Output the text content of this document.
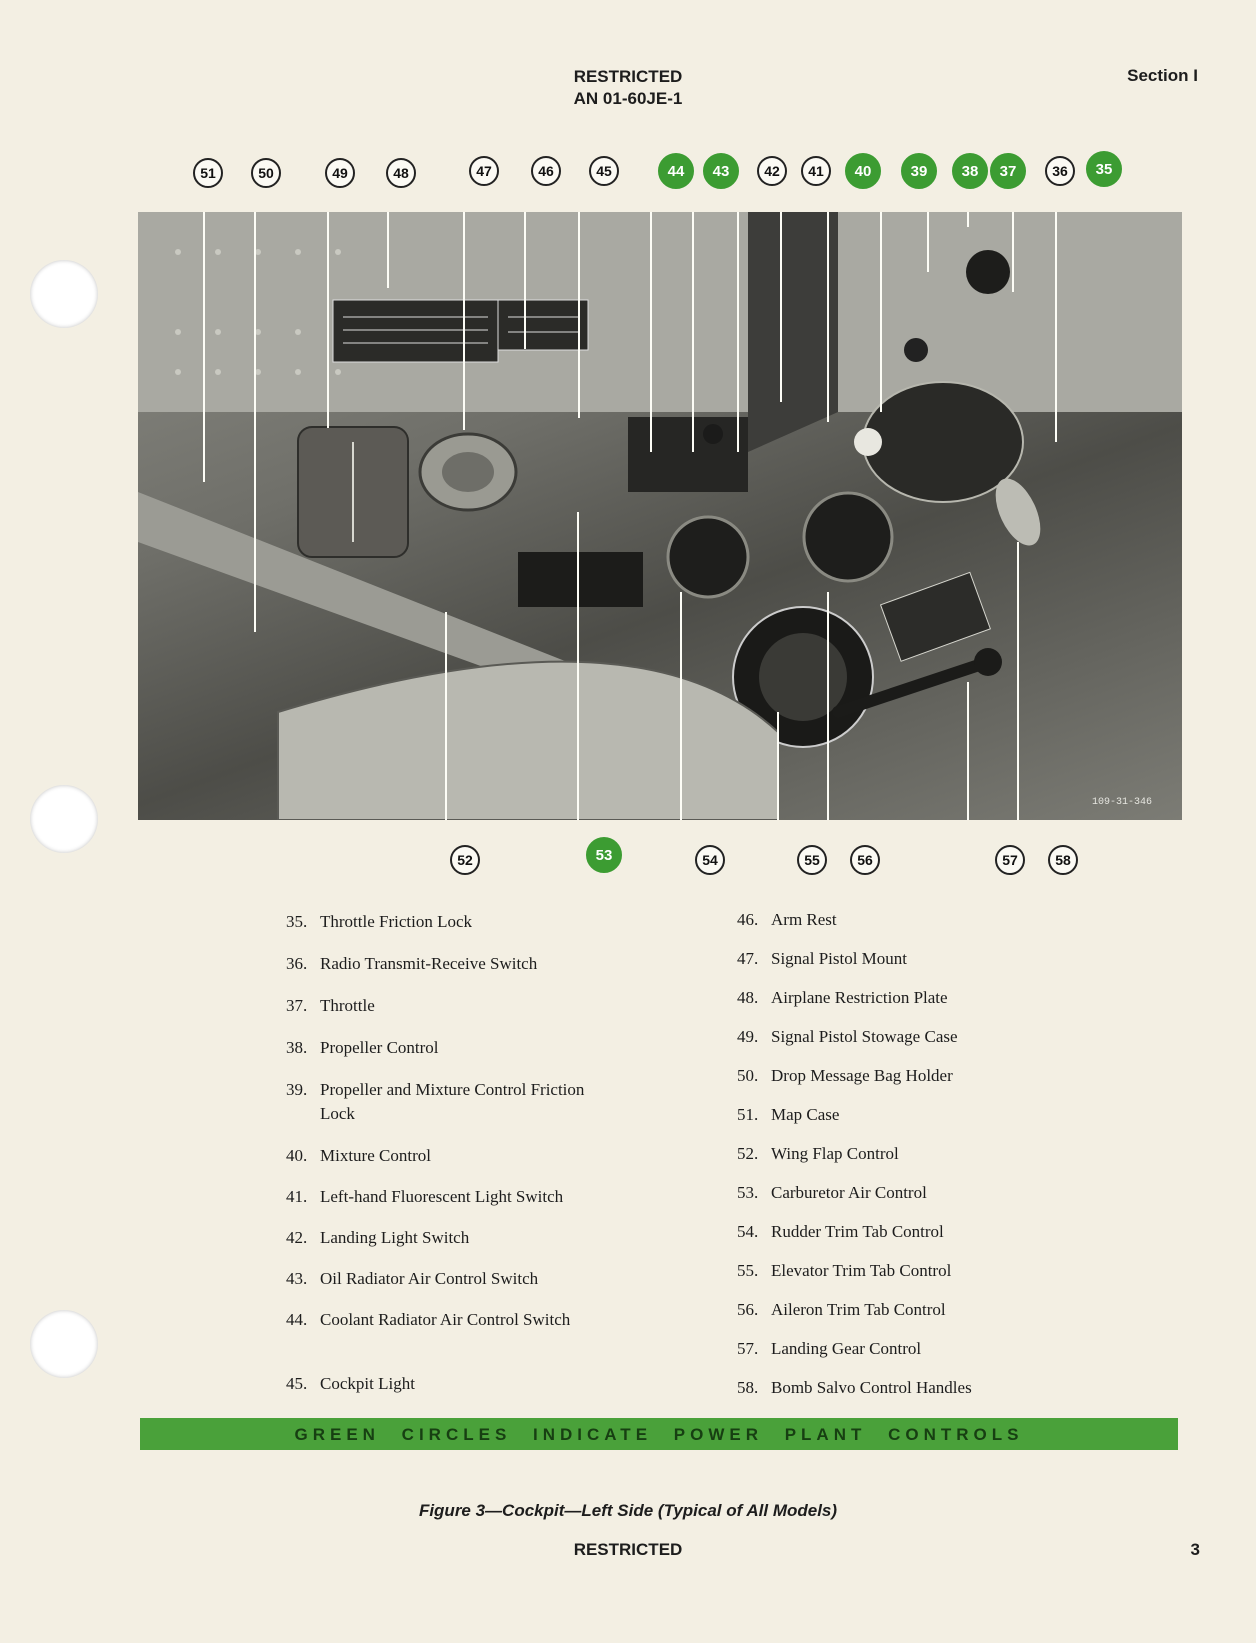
RESTRICTED
AN 01-60JE-1
Section I
109-31-346
51	50	49	48	47	46	45	44	43	42	41	40	39	38	37	36	35
52	53	54	55	56	57	58
35. Throttle Friction Lock
36. Radio Transmit-Receive Switch
37. Throttle
38. Propeller Control
39. Propeller and Mixture Control Friction Lock
40. Mixture Control
41. Left-hand Fluorescent Light Switch
42. Landing Light Switch
43. Oil Radiator Air Control Switch
44. Coolant Radiator Air Control Switch
45. Cockpit Light
46. Arm Rest
47. Signal Pistol Mount
48. Airplane Restriction Plate
49. Signal Pistol Stowage Case
50. Drop Message Bag Holder
51. Map Case
52. Wing Flap Control
53. Carburetor Air Control
54. Rudder Trim Tab Control
55. Elevator Trim Tab Control
56. Aileron Trim Tab Control
57. Landing Gear Control
58. Bomb Salvo Control Handles
GREEN CIRCLES INDICATE POWER PLANT CONTROLS
Figure 3—Cockpit—Left Side (Typical of All Models)
RESTRICTED	3
